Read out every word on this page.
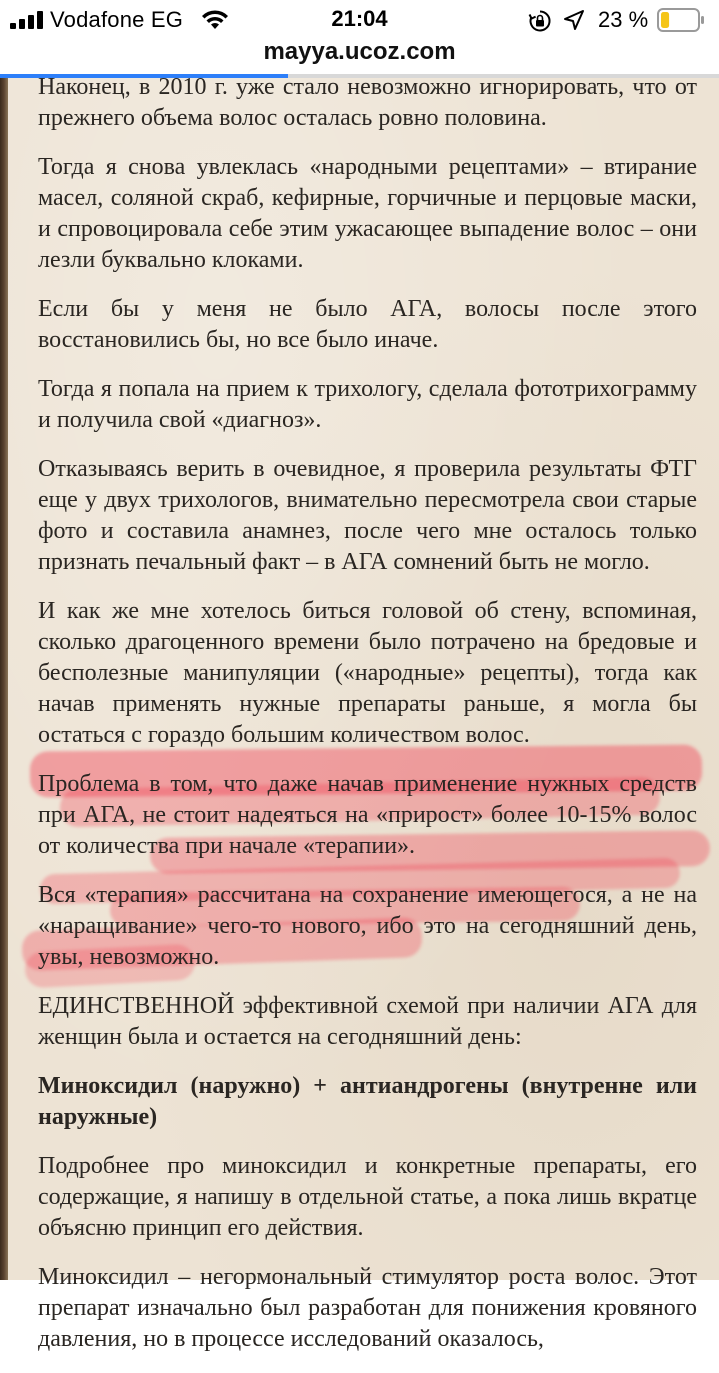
Vodafone EG	21:04	23 %
mayya.ucoz.com

Наконец, в 2010 г. уже стало невозможно игнорировать, что от прежнего объема волос осталась ровно половина.

Тогда я снова увлеклась «народными рецептами» – втирание масел, соляной скраб, кефирные, горчичные и перцовые маски, и спровоцировала себе этим ужасающее выпадение волос – они лезли буквально клоками.

Если бы у меня не было АГА, волосы после этого восстановились бы, но все было иначе.

Тогда я попала на прием к трихологу, сделала фототрихограмму и получила свой «диагноз».

Отказываясь верить в очевидное, я проверила результаты ФТГ еще у двух трихологов, внимательно пересмотрела свои старые фото и составила анамнез, после чего мне осталось только признать печальный факт – в АГА сомнений быть не могло.

И как же мне хотелось биться головой об стену, вспоминая, сколько драгоценного времени было потрачено на бредовые и бесполезные манипуляции («народные» рецепты), тогда как начав применять нужные препараты раньше, я могла бы остаться с гораздо большим количеством волос.

Проблема в том, что даже начав применение нужных средств при АГА, не стоит надеяться на «прирост» более 10-15% волос от количества при начале «терапии».

Вся «терапия» рассчитана на сохранение имеющегося, а не на «наращивание» чего-то нового, ибо это на сегодняшний день, увы, невозможно.

ЕДИНСТВЕННОЙ эффективной схемой при наличии АГА для женщин была и остается на сегодняшний день:

Миноксидил (наружно) + антиандрогены (внутренне или наружные)

Подробнее про миноксидил и конкретные препараты, его содержащие, я напишу в отдельной статье, а пока лишь вкратце объясню принцип его действия.

Миноксидил – негормональный стимулятор роста волос. Этот препарат изначально был разработан для понижения кровяного давления, но в процессе исследований оказалось,
